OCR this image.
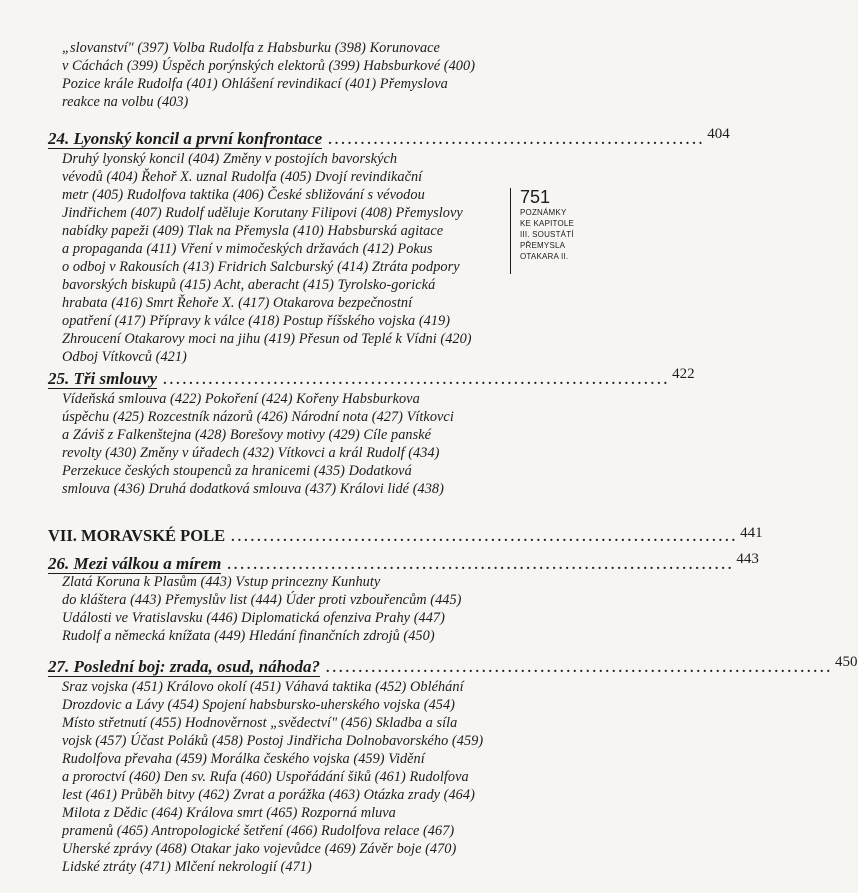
„slovanství" (397) Volba Rudolfa z Habsburku (398) Korunovace
v Cáchách (399) Úspěch porýnských elektorů (399) Habsburkové (400)
Pozice krále Rudolfa (401) Ohlášení revindikací (401) Přemyslova
reakce na volbu (403)
24. Lyonský koncil a první konfrontace .......................................................... 404
Druhý lyonský koncil (404) Změny v postojích bavorských
vévodů (404) Řehoř X. uznal Rudolfa (405) Dvojí revindikační
metr (405) Rudolfova taktika (406) České sbližování s vévodou
Jindřichem (407) Rudolf uděluje Korutany Filipovi (408) Přemyslovy
nabídky papeži (409) Tlak na Přemysla (410) Habsburská agitace
a propaganda (411) Vření v mimočeských državách (412) Pokus
o odboj v Rakousích (413) Fridrich Salcburský (414) Ztráta podpory
bavorských biskupů (415) Acht, aberacht (415) Tyrolsko-gorická
hrabata (416) Smrt Řehoře X. (417) Otakarova bezpečnostní
opatření (417) Přípravy k válce (418) Postup říšského vojska (419)
Zhroucení Otakarovy moci na jihu (419) Přesun od Teplé k Vídni (420)
Odboj Vítkovců (421)
25. Tři smlouvy .............................................................................. 422
Vídeňská smlouva (422) Pokoření (424) Kořeny Habsburkova
úspěchu (425) Rozcestník názorů (426) Národní nota (427) Vítkovci
a Záviš z Falkenštejna (428) Borešovy motivy (429) Cíle panské
revolty (430) Změny v úřadech (432) Vítkovci a král Rudolf (434)
Perzekuce českých stoupenců za hranicemi (435) Dodatková
smlouva (436) Druhá dodatková smlouva (437) Královi lidé (438)
VII. MORAVSKÉ POLE .............................................................................. 441
26. Mezi válkou a mírem .............................................................................. 443
Zlatá Koruna k Plasům (443) Vstup princezny Kunhuty
do kláštera (443) Přemyslův list (444) Úder proti vzbouřencům (445)
Události ve Vratislavsku (446) Diplomatická ofenziva Prahy (447)
Rudolf a německá knížata (449) Hledání finančních zdrojů (450)
27. Poslední boj: zrada, osud, náhoda? .............................................................................. 450
Sraz vojska (451) Královo okolí (451) Váhavá taktika (452) Obléhání
Drozdovic a Lávy (454) Spojení habsbursko-uherského vojska (454)
Místo střetnutí (455) Hodnověrnost „svědectví" (456) Skladba a síla
vojsk (457) Účast Poláků (458) Postoj Jindřicha Dolnobavorského (459)
Rudolfova převaha (459) Morálka českého vojska (459) Vidění
a proroctví (460) Den sv. Rufa (460) Uspořádání šiků (461) Rudolfova
lest (461) Průběh bitvy (462) Zvrat a porážka (463) Otázka zrady (464)
Milota z Dědic (464) Králova smrt (465) Rozporná mluva
pramenů (465) Antropologické šetření (466) Rudolfova relace (467)
Uherské zprávy (468) Otakar jako vojevůdce (469) Závěr boje (470)
Lidské ztráty (471) Mlčení nekrologií (471)
751
POZNÁMKY
KE KAPITOLE
III. SOUSTÁTÍ
PŘEMYSLA
OTAKARA II.
